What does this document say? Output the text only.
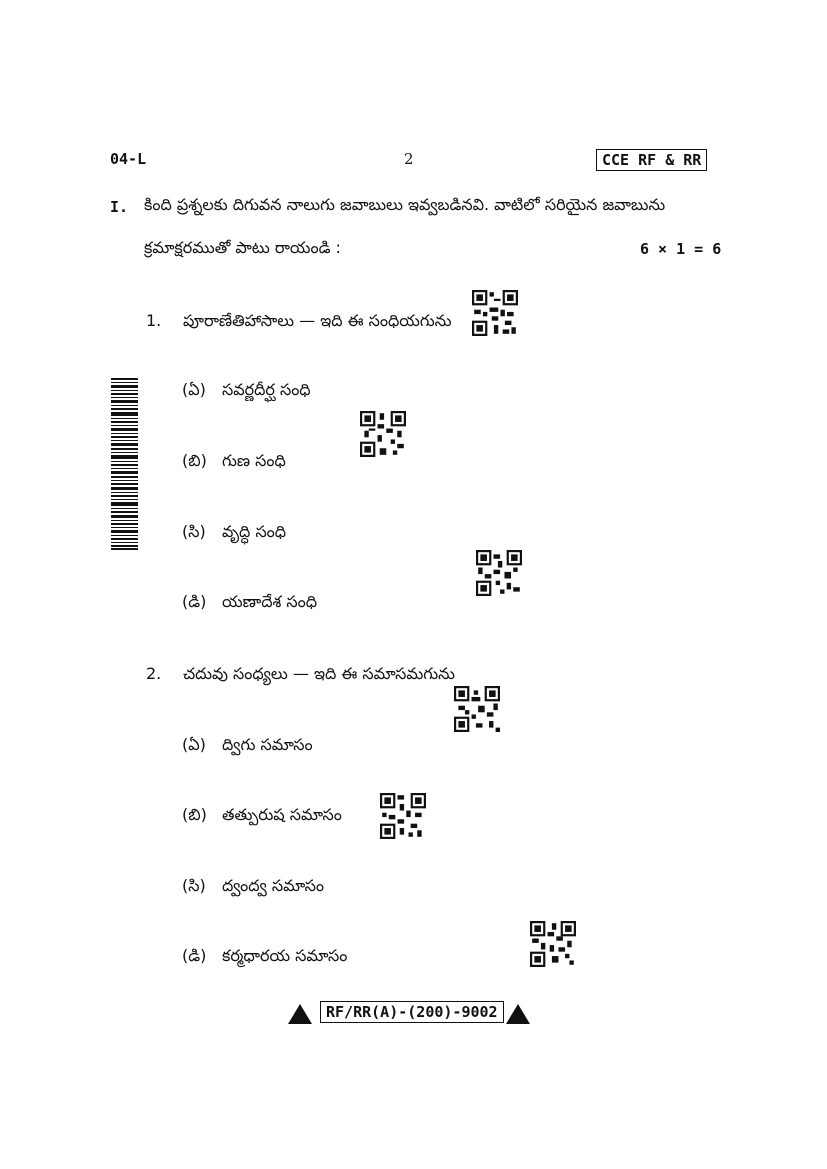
04-L	2	CCE RF & RR
I. కింది ప్రశ్నలకు దిగువన నాలుగు జవాబులు ఇవ్వబడినవి. వాటిలో సరియైన జవాబును
క్రమాక్షరముతో పాటు రాయండి :	6 × 1 = 6
1. పూరాణేతిహాసాలు — ఇది ఈ సంధియగును
(ఏ) సవర్ణదీర్ఘ సంధి
(బి) గుణ సంధి
(సి) వృద్ధి సంధి
(డి) యణాదేశ సంధి
2. చదువు సంధ్యలు — ఇది ఈ సమాసమగును
(ఏ) ద్విగు సమాసం
(బి) తత్పురుష సమాసం
(సి) ద్వంద్వ సమాసం
(డి) కర్మధారయ సమాసం
RF/RR(A)-(200)-9002
